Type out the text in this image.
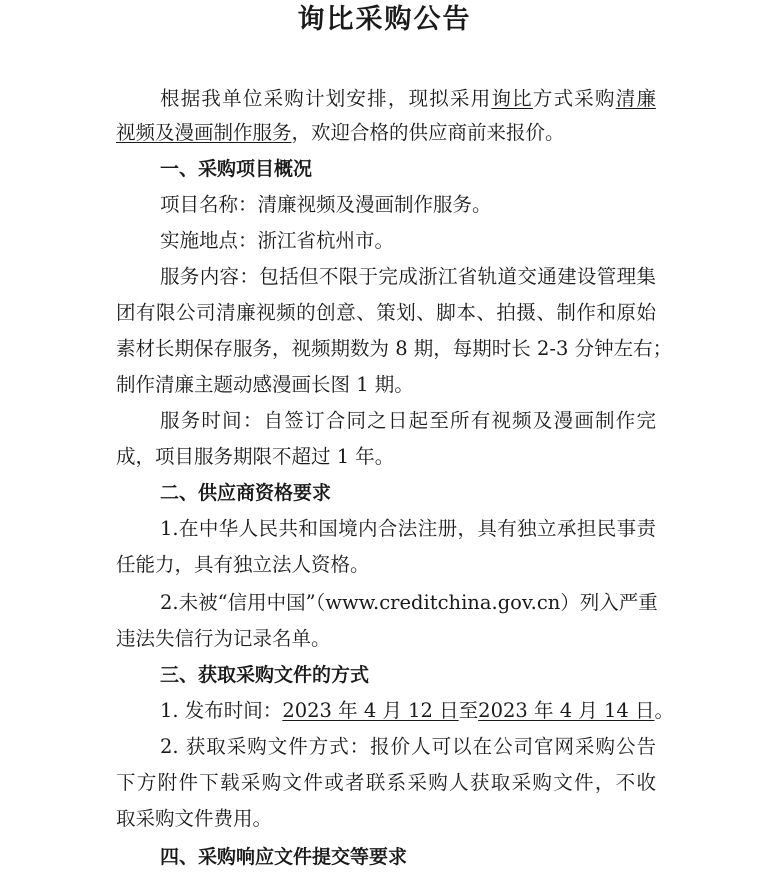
询比采购公告
根据我单位采购计划安排，现拟采用询比方式采购清廉
视频及漫画制作服务，欢迎合格的供应商前来报价。
一、采购项目概况
项目名称：清廉视频及漫画制作服务。
实施地点：浙江省杭州市。
服务内容：包括但不限于完成浙江省轨道交通建设管理集
团有限公司清廉视频的创意、策划、脚本、拍摄、制作和原始
素材长期保存服务，视频期数为 8 期，每期时长 2-3 分钟左右；
制作清廉主题动感漫画长图 1 期。
服务时间：自签订合同之日起至所有视频及漫画制作完
成，项目服务期限不超过 1 年。
二、供应商资格要求
1.在中华人民共和国境内合法注册，具有独立承担民事责
任能力，具有独立法人资格。
2.未被“信用中国”（www.creditchina.gov.cn）列入严重
违法失信行为记录名单。
三、获取采购文件的方式
1. 发布时间：2023 年 4 月 12 日至2023 年 4 月 14 日。
2. 获取采购文件方式：报价人可以在公司官网采购公告
下方附件下载采购文件或者联系采购人获取采购文件，不收
取采购文件费用。
四、采购响应文件提交等要求
